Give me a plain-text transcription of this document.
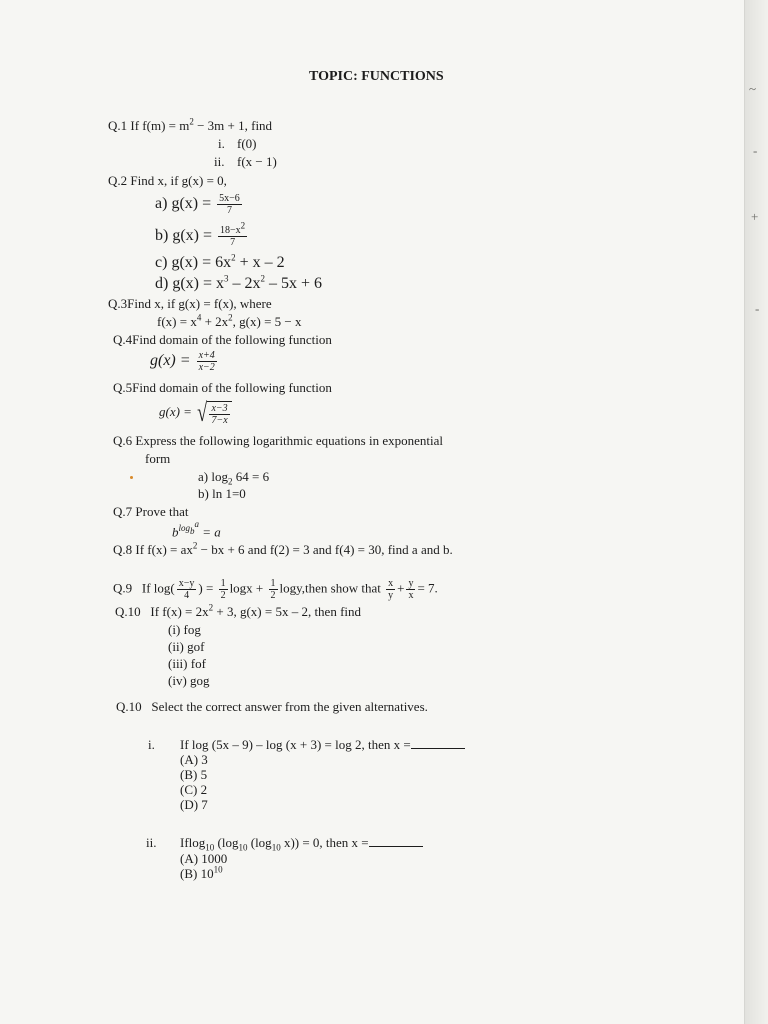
TOPIC: FUNCTIONS
Q.1 If $f(m) = m^2 - 3m + 1$, find
i. f(0)
ii. f(x − 1)
Q.2 Find x, if g(x) = 0,
a) $g(x) = \frac{5x-6}{7}$
b) $g(x) = \frac{18-x^2}{7}$
c) $g(x) = 6x^2 + x - 2$
d) $g(x) = x^3 - 2x^2 - 5x + 6$
Q.3Find x, if g(x) = f(x), where
$f(x) = x^4 + 2x^2$, g(x) = 5 − x
Q.4Find domain of the following function
$g(x) = \frac{x+4}{x-2}$
Q.5Find domain of the following function
g(x) = √ $\frac{x-3}{7-x}$
Q.6 Express the following logarithmic equations in exponential
form
a) $\log_2 64 = 6$
b) ln 1=0
Q.7 Prove that
$b^{log_b^a} = a$
Q.8 If $f(x) = ax^2$ − bx + 6 and f(2) = 3 and f(4) = 30, find a and b.
Q.9 If $\log( \frac{x-y}{4}$ ) = $\frac{1}{2}$ $\log x + \frac{1}{2}$ logy,then show that $\frac{x}{y} + \frac{y}{x} = 7$.
Q.10 If $f(x) = 2x^2 + 3$, g(x) = 5x – 2, then find
(i) fog
(ii) gof
(iii) fof
(iv) gog
Q.10 Select the correct answer from the given alternatives.
i. If log (5x – 9) – log (x + 3) = log 2, then x =
(A) 3
(B) 5
(C) 2
(D) 7
ii. Iflog$_{10}$ ($\log_{10}$ ($\log_{10}$ x)) = 0, then x =
(A) 1000
(B) $10^{10}$
~
-
+
-
